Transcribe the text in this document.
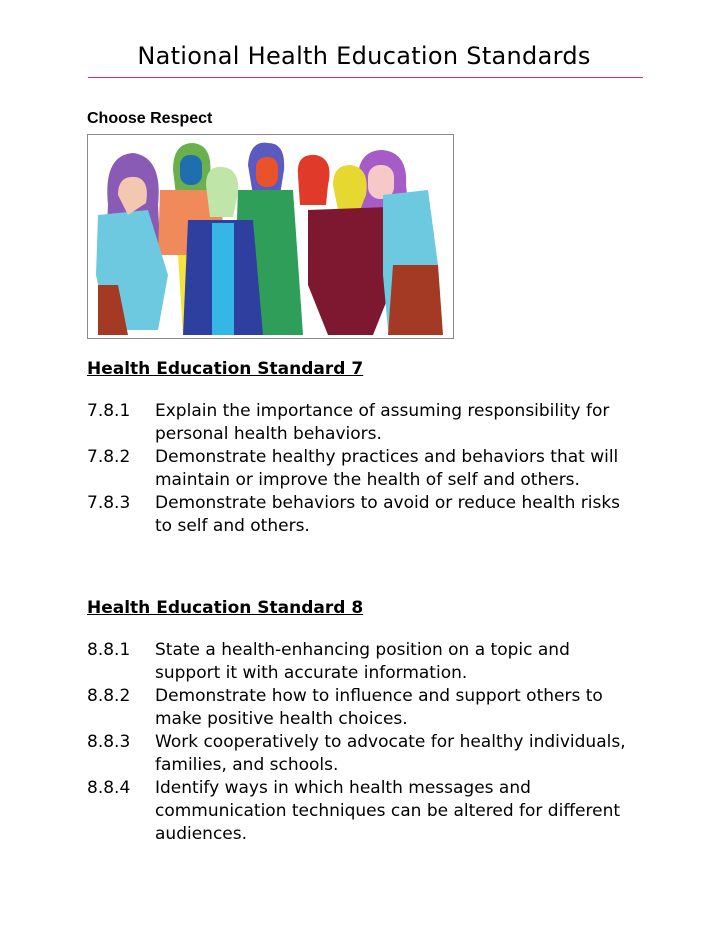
National Health Education Standards
Choose Respect

Health Education Standard 7

7.8.1	Explain the importance of assuming responsibility for personal health behaviors.
7.8.2	Demonstrate healthy practices and behaviors that will maintain or improve the health of self and others.
7.8.3	Demonstrate behaviors to avoid or reduce health risks to self and others.

Health Education Standard 8

8.8.1	State a health-enhancing position on a topic and support it with accurate information.
8.8.2	Demonstrate how to influence and support others to make positive health choices.
8.8.3	Work cooperatively to advocate for healthy individuals, families, and schools.
8.8.4	Identify ways in which health messages and communication techniques can be altered for different audiences.
